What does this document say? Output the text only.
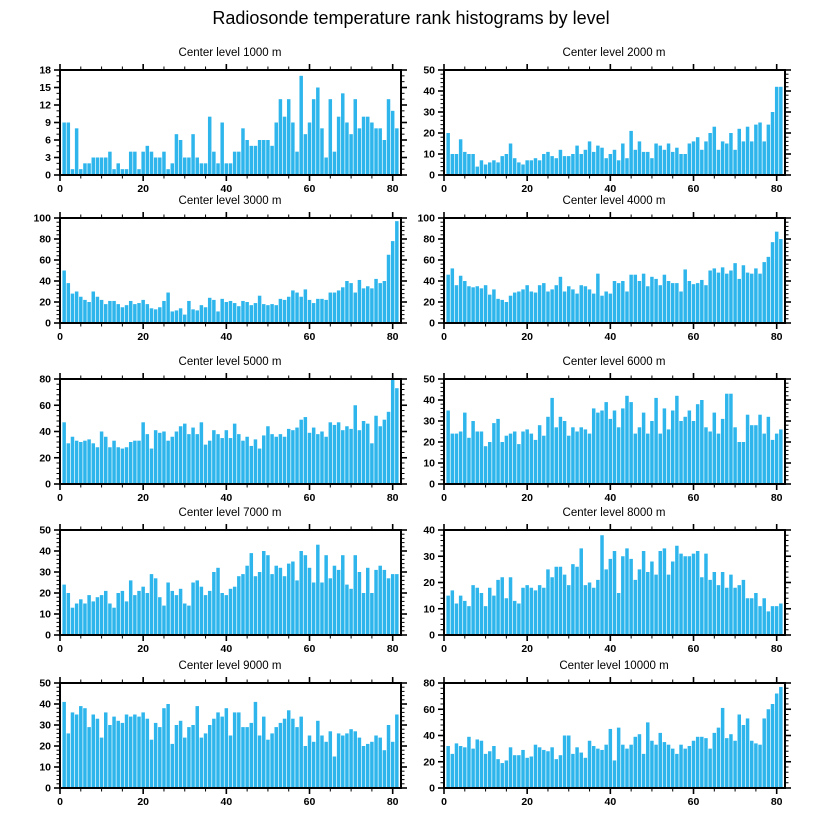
Radiosonde temperature rank histograms by level
Center level 1000 m
0	20	40	60	80
0
3
6
9
12
15
18
Center level 2000 m
0	20	40	60	80
0
10
20
30
40
50
Center level 3000 m
0	20	40	60	80
0
20
40
60
80
100
Center level 4000 m
0	20	40	60	80
0
20
40
60
80
100
Center level 5000 m
0	20	40	60	80
0
20
40
60
80
Center level 6000 m
0	20	40	60	80
0
10
20
30
40
50
Center level 7000 m
0	20	40	60	80
0
10
20
30
40
50
Center level 8000 m
0	20	40	60	80
0
10
20
30
40
Center level 9000 m
0	20	40	60	80
0
10
20
30
40
50
Center level 10000 m
0	20	40	60	80
0
20
40
60
80
